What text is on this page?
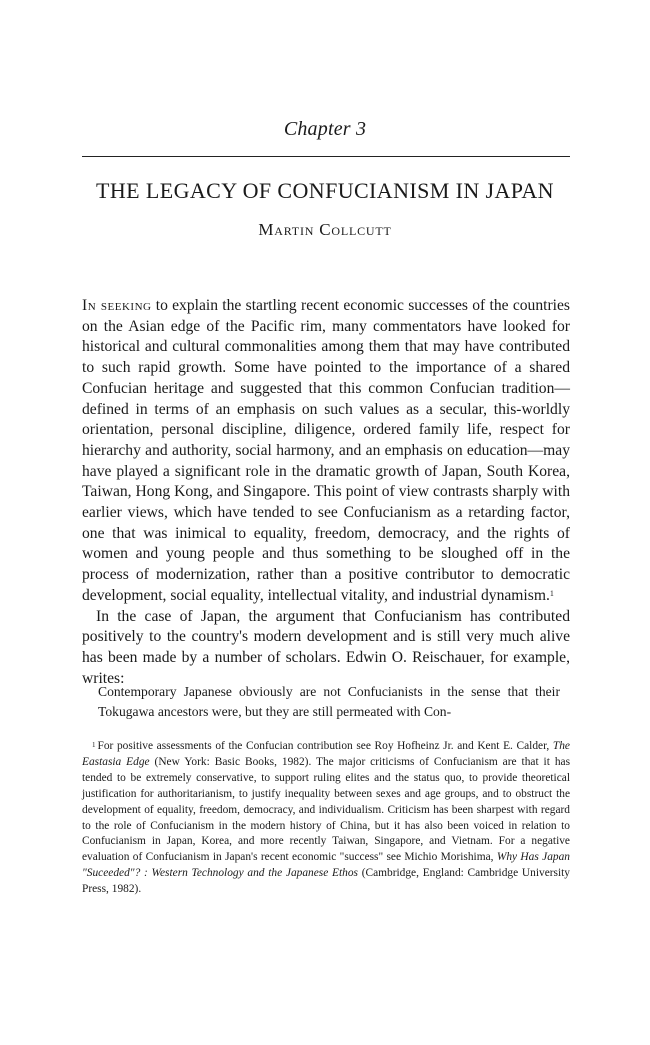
Chapter 3
THE LEGACY OF CONFUCIANISM IN JAPAN
Martin Collcutt

In seeking to explain the startling recent economic successes of the countries on the Asian edge of the Pacific rim, many commentators have looked for historical and cultural commonalities among them that may have contributed to such rapid growth. Some have pointed to the importance of a shared Confucian heritage and suggested that this common Confucian tradition—defined in terms of an emphasis on such values as a secular, this-worldly orientation, personal discipline, diligence, ordered family life, respect for hierarchy and authority, social harmony, and an emphasis on education—may have played a significant role in the dramatic growth of Japan, South Korea, Taiwan, Hong Kong, and Singapore. This point of view contrasts sharply with earlier views, which have tended to see Confucianism as a retarding factor, one that was inimical to equality, freedom, democracy, and the rights of women and young people and thus something to be sloughed off in the process of modernization, rather than a positive contributor to democratic development, social equality, intellectual vitality, and industrial dynamism.$^1$

In the case of Japan, the argument that Confucianism has contributed positively to the country's modern development and is still very much alive has been made by a number of scholars. Edwin O. Reischauer, for example, writes:

Contemporary Japanese obviously are not Confucianists in the sense that their Tokugawa ancestors were, but they are still permeated with Con-

$^1$ For positive assessments of the Confucian contribution see Roy Hofheinz Jr. and Kent E. Calder, The Eastasia Edge (New York: Basic Books, 1982). The major criticisms of Confucianism are that it has tended to be extremely conservative, to support ruling elites and the status quo, to provide theoretical justification for authoritarianism, to justify inequality between sexes and age groups, and to obstruct the development of equality, freedom, democracy, and individualism. Criticism has been sharpest with regard to the role of Confucianism in the modern history of China, but it has also been voiced in relation to Confucianism in Japan, Korea, and more recently Taiwan, Singapore, and Vietnam. For a negative evaluation of Confucianism in Japan's recent economic "success" see Michio Morishima, Why Has Japan "Suceeded"? : Western Technology and the Japanese Ethos (Cambridge, England: Cambridge University Press, 1982).
